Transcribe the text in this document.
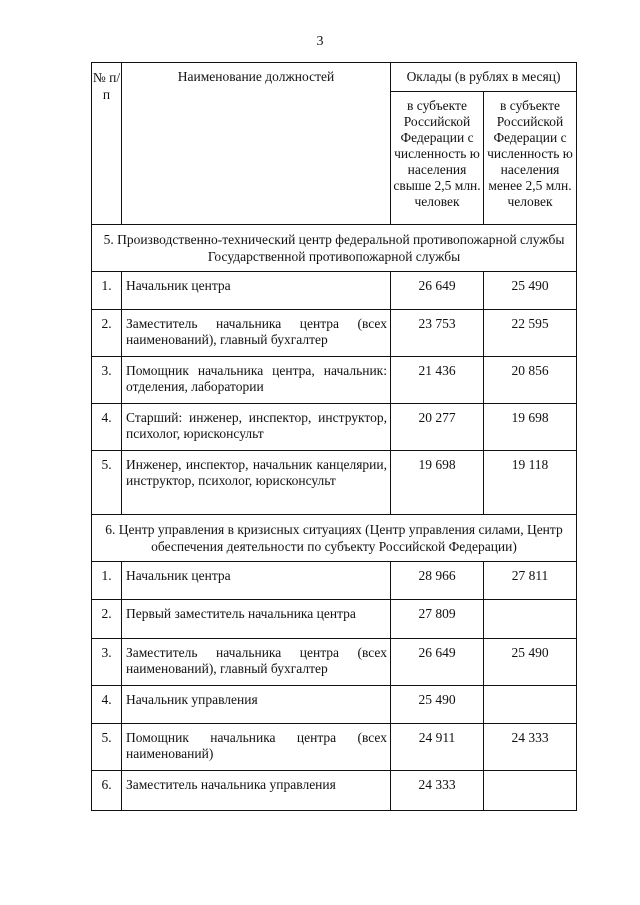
3
№ п/п	Наименование должностей	Оклады (в рублях в месяц)	
		в субъекте Российской Федерации с численность ю населения свыше 2,5 млн. человек	в субъекте Российской Федерации с численность ю населения менее 2,5 млн. человек
5. Производственно-технический центр федеральной противопожарной службы Государственной противопожарной службы			
1.	Начальник центра	26 649	25 490
2.	Заместитель начальника центра (всех наименований), главный бухгалтер	23 753	22 595
3.	Помощник начальника центра, начальник: отделения, лаборатории	21 436	20 856
4.	Старший: инженер, инспектор, инструктор, психолог, юрисконсульт	20 277	19 698
5.	Инженер, инспектор, начальник канцелярии, инструктор, психолог, юрисконсульт	19 698	19 118
6. Центр управления в кризисных ситуациях (Центр управления силами, Центр обеспечения деятельности по субъекту Российской Федерации)			
1.	Начальник центра	28 966	27 811
2.	Первый заместитель начальника центра	27 809	
3.	Заместитель начальника центра (всех наименований), главный бухгалтер	26 649	25 490
4.	Начальник управления	25 490	
5.	Помощник начальника центра (всех наименований)	24 911	24 333
6.	Заместитель начальника управления	24 333	
